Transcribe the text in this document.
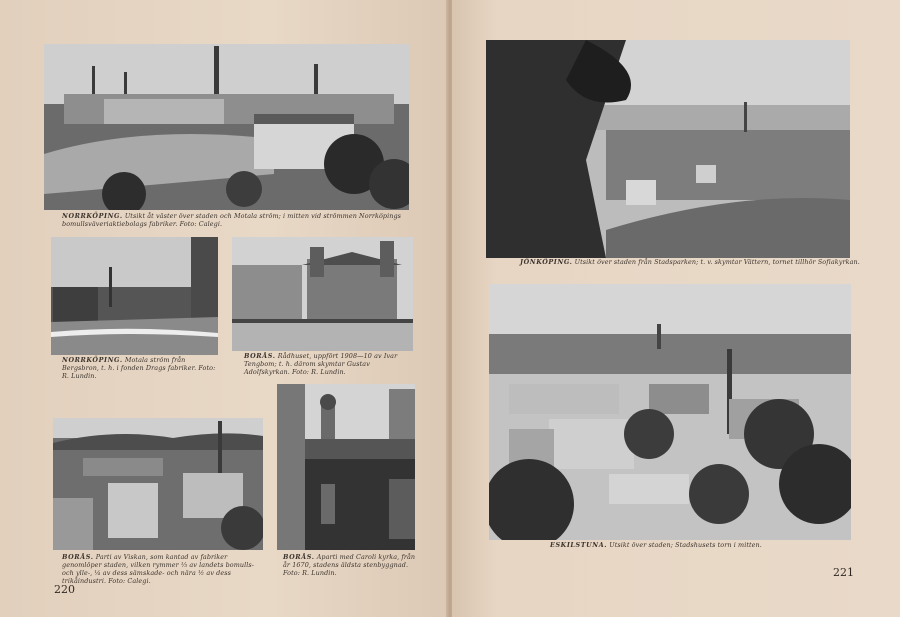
NORRKÖPING. Utsikt åt väster över staden och Motala ström; i mitten vid strömmen Norrköpings bomullsväveriaktiebolags fabriker. Foto: Calegi.
NORRKÖPING. Motala ström från Bergsbron, t. h. i fonden Drags fabriker. Foto: R. Lundin.
BORÅS. Rådhuset, uppfört 1908—10 av Ivar Tengbom; t. h. därom skymtar Gustav Adolfskyrkan. Foto: R. Lundin.
BORÅS. Parti av Viskan, som kantad av fabriker genomlöper staden, vilken rymmer ⅓ av landets bomulls- och ylle-, ¼ av dess sämskade- och nära ½ av dess trikåindustri. Foto: Calegi.
BORÅS. Aparti med Caroli kyrka, från år 1670, stadens äldsta stenbyggnad. Foto: R. Lundin.
220
JÖNKÖPING. Utsikt över staden från Stadsparken; t. v. skymtar Vättern, tornet tillhör Sofiakyrkan.
ESKILSTUNA. Utsikt över staden; Stadshusets torn i mitten.
221
